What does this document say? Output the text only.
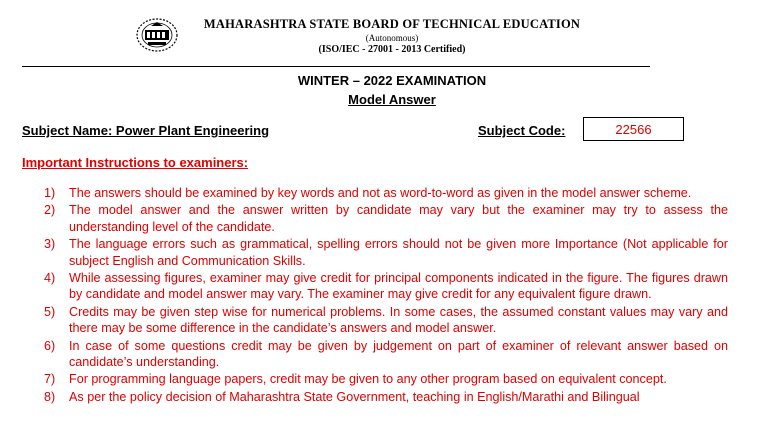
MAHARASHTRA STATE BOARD OF TECHNICAL EDUCATION
(Autonomous)
(ISO/IEC - 27001 - 2013 Certified)
WINTER – 2022 EXAMINATION
Model Answer
Subject Name: Power Plant Engineering	Subject Code:	22566
Important Instructions to examiners:
1) The answers should be examined by key words and not as word-to-word as given in the model answer scheme.
2) The model answer and the answer written by candidate may vary but the examiner may try to assess the understanding level of the candidate.
3) The language errors such as grammatical, spelling errors should not be given more Importance (Not applicable for subject English and Communication Skills.
4) While assessing figures, examiner may give credit for principal components indicated in the figure. The figures drawn by candidate and model answer may vary. The examiner may give credit for any equivalent figure drawn.
5) Credits may be given step wise for numerical problems. In some cases, the assumed constant values may vary and there may be some difference in the candidate’s answers and model answer.
6) In case of some questions credit may be given by judgement on part of examiner of relevant answer based on candidate’s understanding.
7) For programming language papers, credit may be given to any other program based on equivalent concept.
8) As per the policy decision of Maharashtra State Government, teaching in English/Marathi and Bilingual
